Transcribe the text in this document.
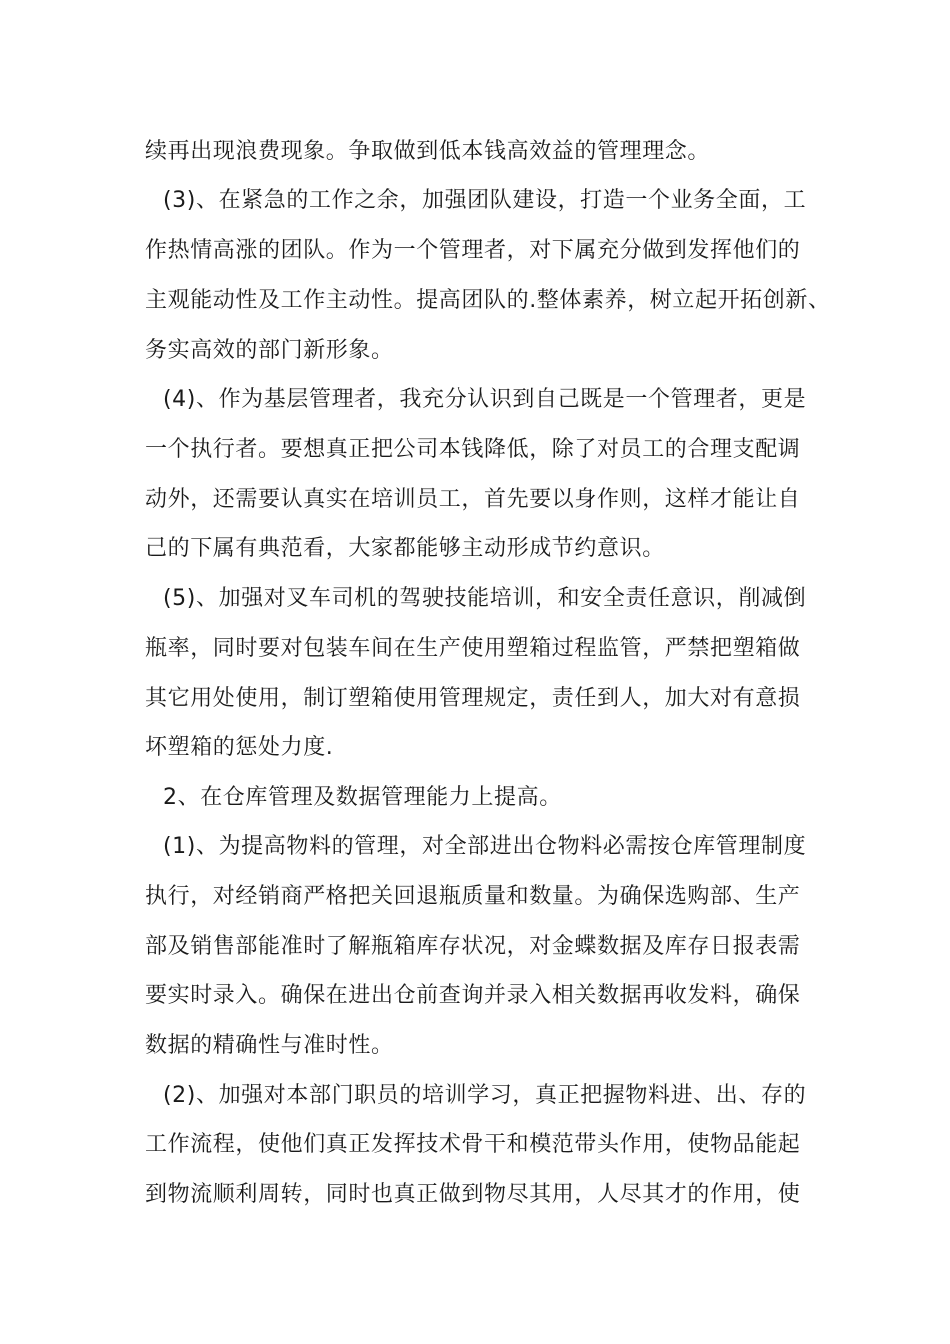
续再出现浪费现象。争取做到低本钱高效益的管理理念。
(3)、在紧急的工作之余，加强团队建设，打造一个业务全面，工
作热情高涨的团队。作为一个管理者，对下属充分做到发挥他们的
主观能动性及工作主动性。提高团队的.整体素养，树立起开拓创新、
务实高效的部门新形象。
(4)、作为基层管理者，我充分认识到自己既是一个管理者，更是
一个执行者。要想真正把公司本钱降低，除了对员工的合理支配调
动外，还需要认真实在培训员工，首先要以身作则，这样才能让自
己的下属有典范看，大家都能够主动形成节约意识。
(5)、加强对叉车司机的驾驶技能培训，和安全责任意识，削减倒
瓶率，同时要对包装车间在生产使用塑箱过程监管，严禁把塑箱做
其它用处使用，制订塑箱使用管理规定，责任到人，加大对有意损
坏塑箱的惩处力度.
2、在仓库管理及数据管理能力上提高。
(1)、为提高物料的管理，对全部进出仓物料必需按仓库管理制度
执行，对经销商严格把关回退瓶质量和数量。为确保选购部、生产
部及销售部能准时了解瓶箱库存状况，对金蝶数据及库存日报表需
要实时录入。确保在进出仓前查询并录入相关数据再收发料，确保
数据的精确性与准时性。
(2)、加强对本部门职员的培训学习，真正把握物料进、出、存的
工作流程，使他们真正发挥技术骨干和模范带头作用，使物品能起
到物流顺利周转，同时也真正做到物尽其用，人尽其才的作用，使
